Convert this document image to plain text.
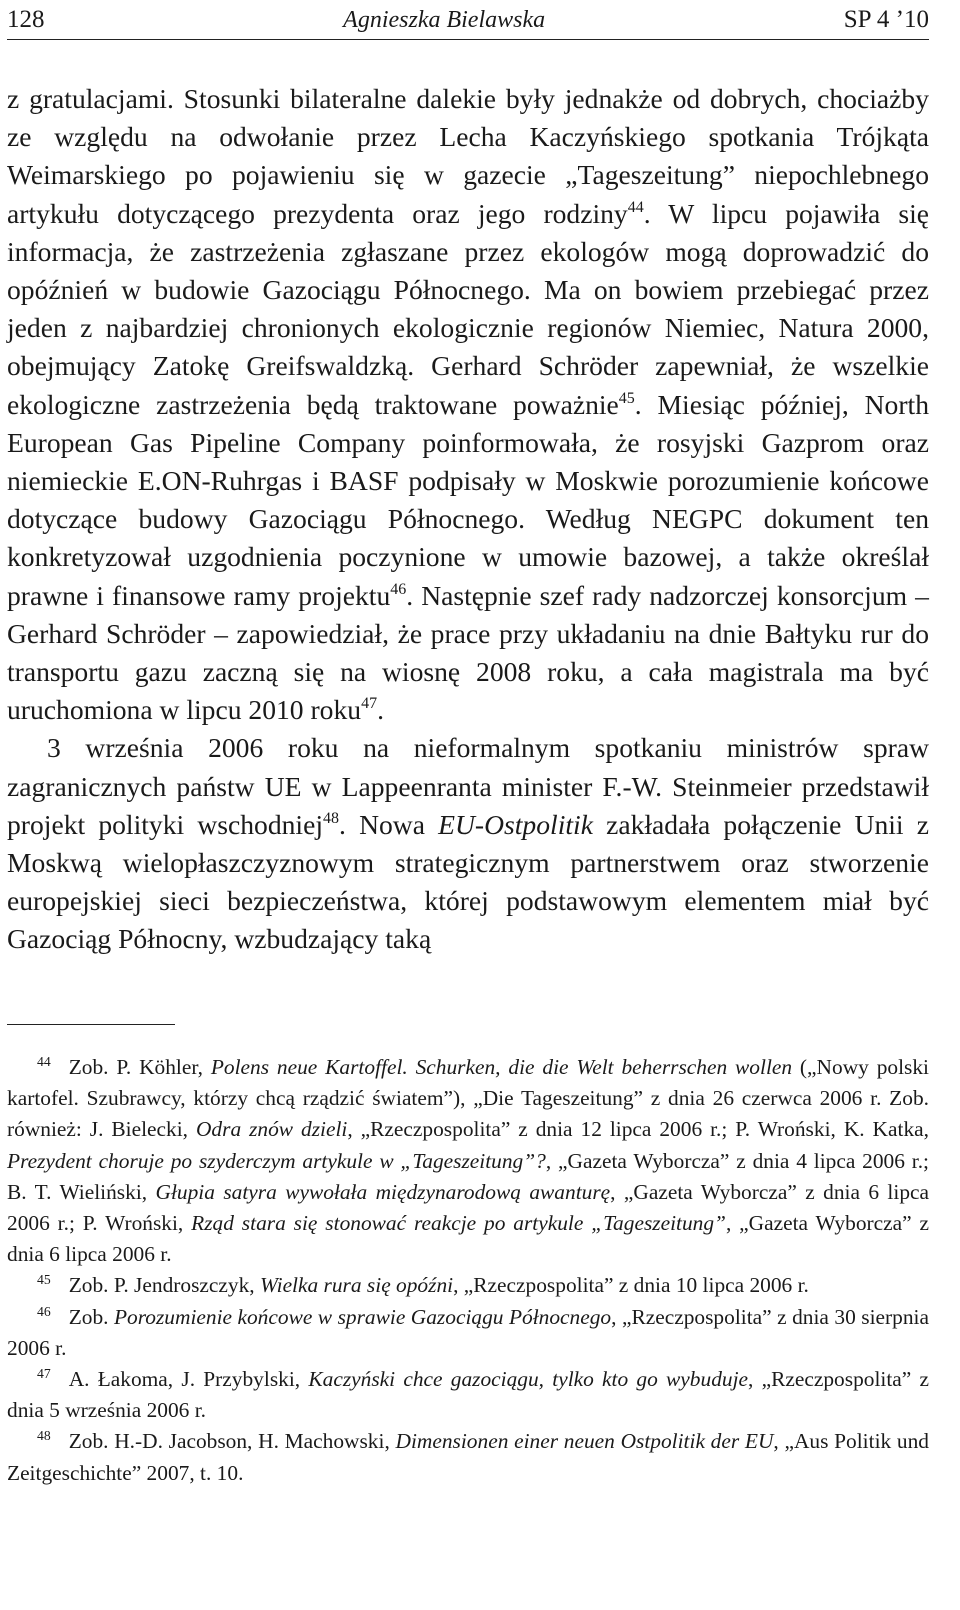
128	Agnieszka Bielawska	SP 4 ’10

z gratulacjami. Stosunki bilateralne dalekie były jednakże od dobrych, chociażby ze względu na odwołanie przez Lecha Kaczyńskiego spotkania Trójkąta Weimarskiego po pojawieniu się w gazecie „Tageszeitung” niepochlebnego artykułu dotyczącego prezydenta oraz jego rodziny$^{44}$. W lipcu pojawiła się informacja, że zastrzeżenia zgłaszane przez ekologów mogą doprowadzić do opóźnień w budowie Gazociągu Północnego. Ma on bowiem przebiegać przez jeden z najbardziej chronionych ekologicznie regionów Niemiec, Natura 2000, obejmujący Zatokę Greifswaldzką. Gerhard Schröder zapewniał, że wszelkie ekologiczne zastrzeżenia będą traktowane poważnie$^{45}$. Miesiąc później, North European Gas Pipeline Company poinformowała, że rosyjski Gazprom oraz niemieckie E.ON-Ruhrgas i BASF podpisały w Moskwie porozumienie końcowe dotyczące budowy Gazociągu Północnego. Według NEGPC dokument ten konkretyzował uzgodnienia poczynione w umowie bazowej, a także określał prawne i finansowe ramy projektu$^{46}$. Następnie szef rady nadzorczej konsorcjum – Gerhard Schröder – zapowiedział, że prace przy układaniu na dnie Bałtyku rur do transportu gazu zaczną się na wiosnę 2008 roku, a cała magistrala ma być uruchomiona w lipcu 2010 roku$^{47}$.

3 września 2006 roku na nieformalnym spotkaniu ministrów spraw zagranicznych państw UE w Lappeenranta minister F.-W. Steinmeier przedstawił projekt polityki wschodniej$^{48}$. Nowa EU-Ostpolitik zakładała połączenie Unii z Moskwą wielopłaszczyznowym strategicznym partnerstwem oraz stworzenie europejskiej sieci bezpieczeństwa, której podstawowym elementem miał być Gazociąg Północny, wzbudzający taką

$^{44}$ Zob. P. Köhler, Polens neue Kartoffel. Schurken, die die Welt beherrschen wollen („Nowy polski kartofel. Szubrawcy, którzy chcą rządzić światem”), „Die Tageszeitung” z dnia 26 czerwca 2006 r. Zob. również: J. Bielecki, Odra znów dzieli, „Rzeczpospolita” z dnia 12 lipca 2006 r.; P. Wroński, K. Katka, Prezydent choruje po szyderczym artykule w „Tageszeitung”?, „Gazeta Wyborcza” z dnia 4 lipca 2006 r.; B. T. Wieliński, Głupia satyra wywołała międzynarodową awanturę, „Gazeta Wyborcza” z dnia 6 lipca 2006 r.; P. Wroński, Rząd stara się stonować reakcje po artykule „Tageszeitung”, „Gazeta Wyborcza” z dnia 6 lipca 2006 r.

$^{45}$ Zob. P. Jendroszczyk, Wielka rura się opóźni, „Rzeczpospolita” z dnia 10 lipca 2006 r.

$^{46}$ Zob. Porozumienie końcowe w sprawie Gazociągu Północnego, „Rzeczpospolita” z dnia 30 sierpnia 2006 r.

$^{47}$ A. Łakoma, J. Przybylski, Kaczyński chce gazociągu, tylko kto go wybuduje, „Rzeczpospolita” z dnia 5 września 2006 r.

$^{48}$ Zob. H.-D. Jacobson, H. Machowski, Dimensionen einer neuen Ostpolitik der EU, „Aus Politik und Zeitgeschichte” 2007, t. 10.
